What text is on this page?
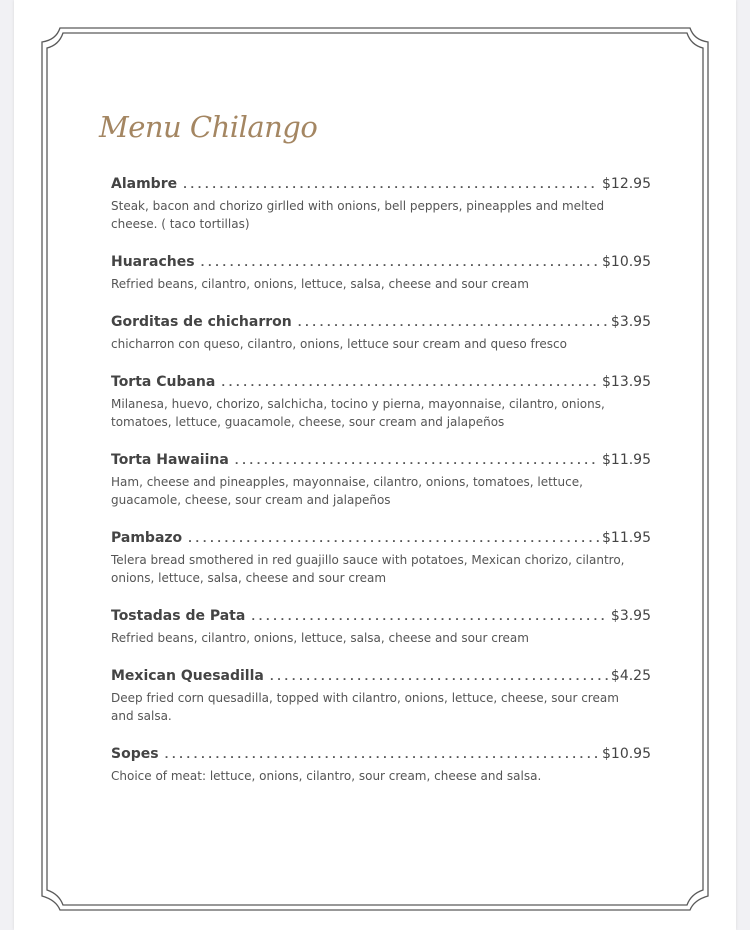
Menu Chilango
Alambre . . .	$12.95

Steak, bacon and chorizo girlled with onions, bell peppers, pineapples and melted cheese. ( taco tortillas)

Huaraches . . .	$10.95

Refried beans, cilantro, onions, lettuce, salsa, cheese and sour cream

Gorditas de chicharron . . .	$3.95

chicharron con queso, cilantro, onions, lettuce sour cream and queso fresco

Torta Cubana . . .	$13.95

Milanesa, huevo, chorizo, salchicha, tocino y pierna, mayonnaise, cilantro, onions, tomatoes, lettuce, guacamole, cheese, sour cream and jalapeños

Torta Hawaiina . . .	$11.95

Ham, cheese and pineapples, mayonnaise, cilantro, onions, tomatoes, lettuce, guacamole, cheese, sour cream and jalapeños

Pambazo . . .	$11.95

Telera bread smothered in red guajillo sauce with potatoes, Mexican chorizo, cilantro, onions, lettuce, salsa, cheese and sour cream

Tostadas de Pata . . .	$3.95

Refried beans, cilantro, onions, lettuce, salsa, cheese and sour cream

Mexican Quesadilla . . .	$4.25

Deep fried corn quesadilla, topped with cilantro, onions, lettuce, cheese, sour cream and salsa.

Sopes . . .	$10.95

Choice of meat: lettuce, onions, cilantro, sour cream, cheese and salsa.
